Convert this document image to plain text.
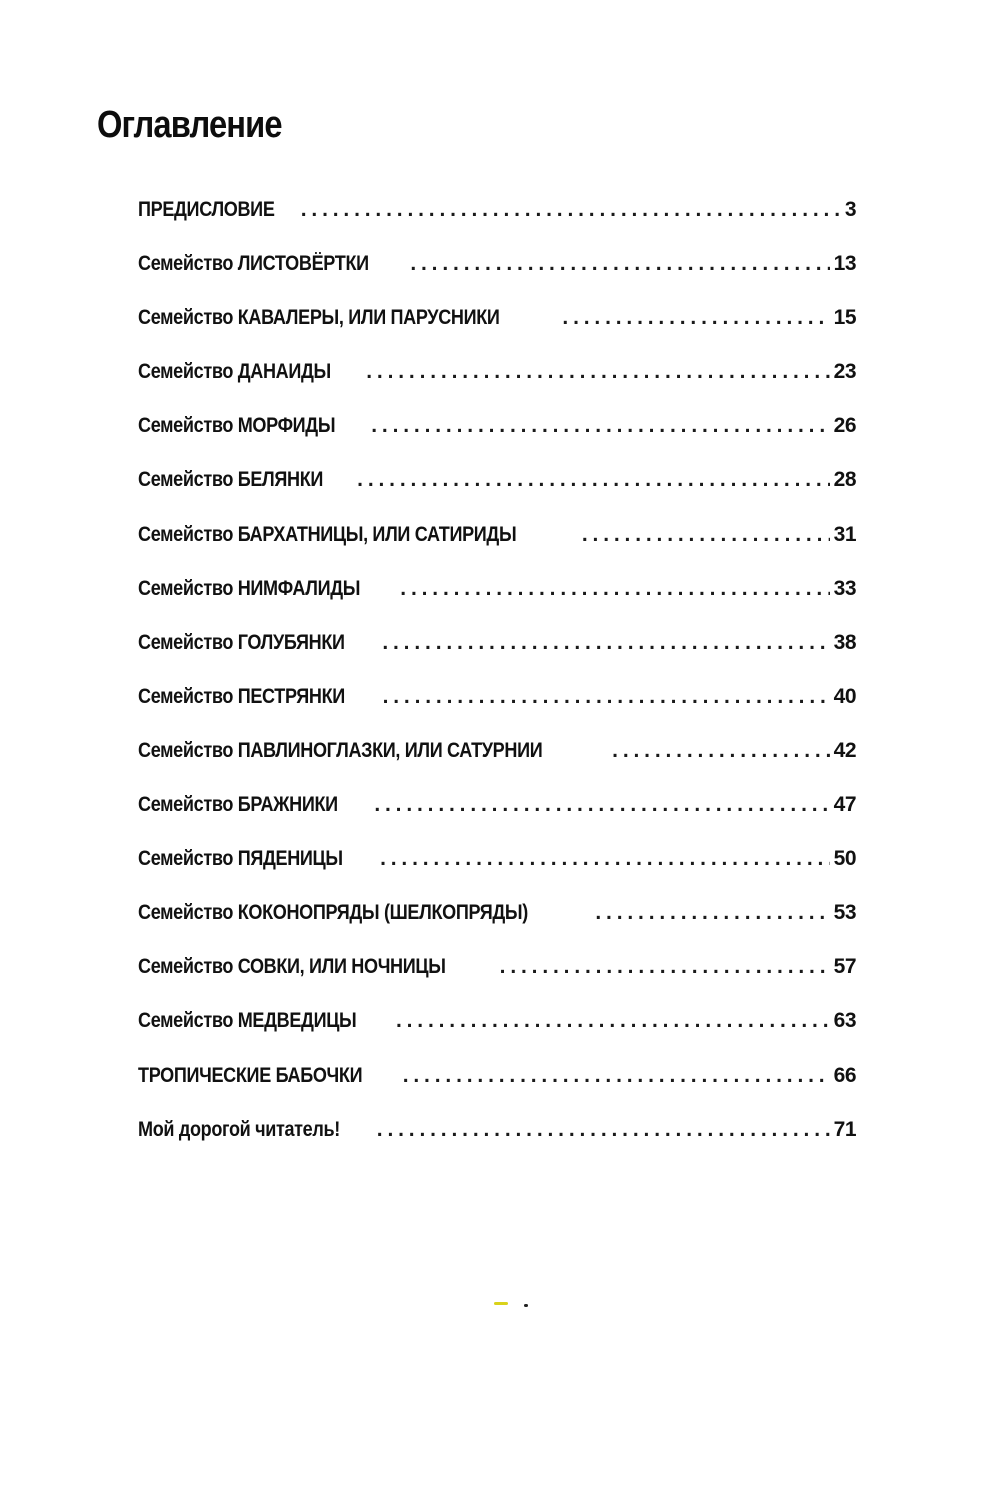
Оглавление
ПРЕДИСЛОВИЕ . . .	3
Семейство ЛИСТОВЁРТКИ . . .	13
Семейство КАВАЛЕРЫ, ИЛИ ПАРУСНИКИ . . .	15
Семейство ДАНАИДЫ . . .	23
Семейство МОРФИДЫ . . .	26
Семейство БЕЛЯНКИ . . .	28
Семейство БАРХАТНИЦЫ, ИЛИ САТИРИДЫ . . .	31
Семейство НИМФАЛИДЫ . . .	33
Семейство ГОЛУБЯНКИ . . .	38
Семейство ПЕСТРЯНКИ . . .	40
Семейство ПАВЛИНОГЛАЗКИ, ИЛИ САТУРНИИ . . .	42
Семейство БРАЖНИКИ . . .	47
Семейство ПЯДЕНИЦЫ . . .	50
Семейство КОКОНОПРЯДЫ (ШЕЛКОПРЯДЫ) . . .	53
Семейство СОВКИ, ИЛИ НОЧНИЦЫ . . .	57
Семейство МЕДВЕДИЦЫ . . .	63
ТРОПИЧЕСКИЕ БАБОЧКИ . . .	66
Мой дорогой читатель! . . .	71
